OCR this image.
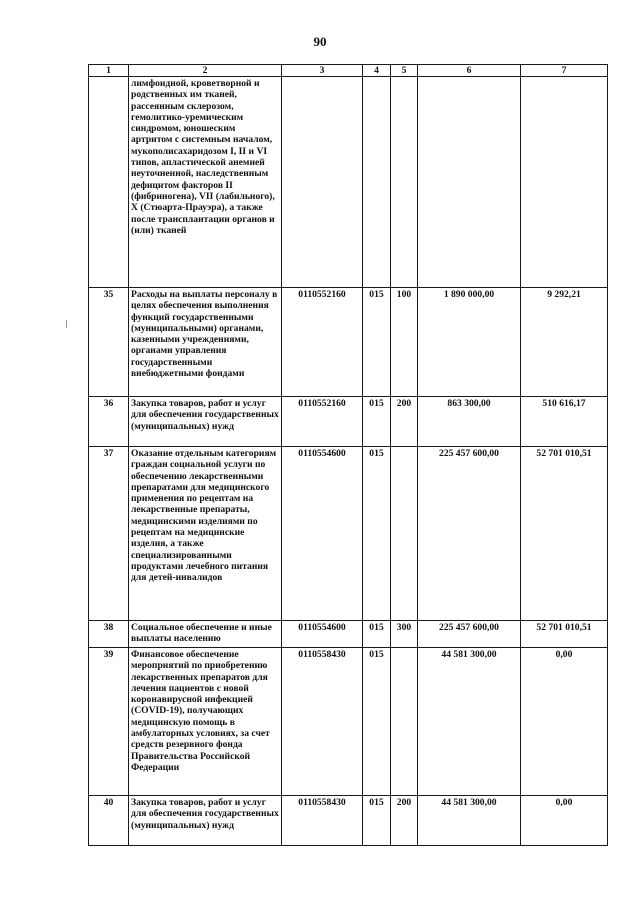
90
1	2	3	4	5	6	7
	лимфоидной, кроветворной и родственных им тканей, рассеянным склерозом, гемолитико-уремическим синдромом, юношеским артритом с системным началом, мукополисахаридозом I, II и VI типов, апластической анемией неуточненной, наследственным дефицитом факторов II (фибриногена), VII (лабильного), X (Стюарта-Прауэра), а также после трансплантации органов и (или) тканей					
35	Расходы на выплаты персоналу в целях обеспечения выполнения функций государственными (муниципальными) органами, казенными учреждениями, органами управления государственными внебюджетными фондами	0110552160	015	100	1 890 000,00	9 292,21
36	Закупка товаров, работ и услуг для обеспечения государственных (муниципальных) нужд	0110552160	015	200	863 300,00	510 616,17
37	Оказание отдельным категориям граждан социальной услуги по обеспечению лекарственными препаратами для медицинского применения по рецептам на лекарственные препараты, медицинскими изделиями по рецептам на медицинские изделия, а также специализированными продуктами лечебного питания для детей-инвалидов	0110554600	015		225 457 600,00	52 701 010,51
38	Социальное обеспечение и иные выплаты населению	0110554600	015	300	225 457 600,00	52 701 010,51
39	Финансовое обеспечение мероприятий по приобретению лекарственных препаратов для лечения пациентов с новой коронавирусной инфекцией (COVID-19), получающих медицинскую помощь в амбулаторных условиях, за счет средств резервного фонда Правительства Российской Федерации	0110558430	015		44 581 300,00	0,00
40	Закупка товаров, работ и услуг для обеспечения государственных (муниципальных) нужд	0110558430	015	200	44 581 300,00	0,00
